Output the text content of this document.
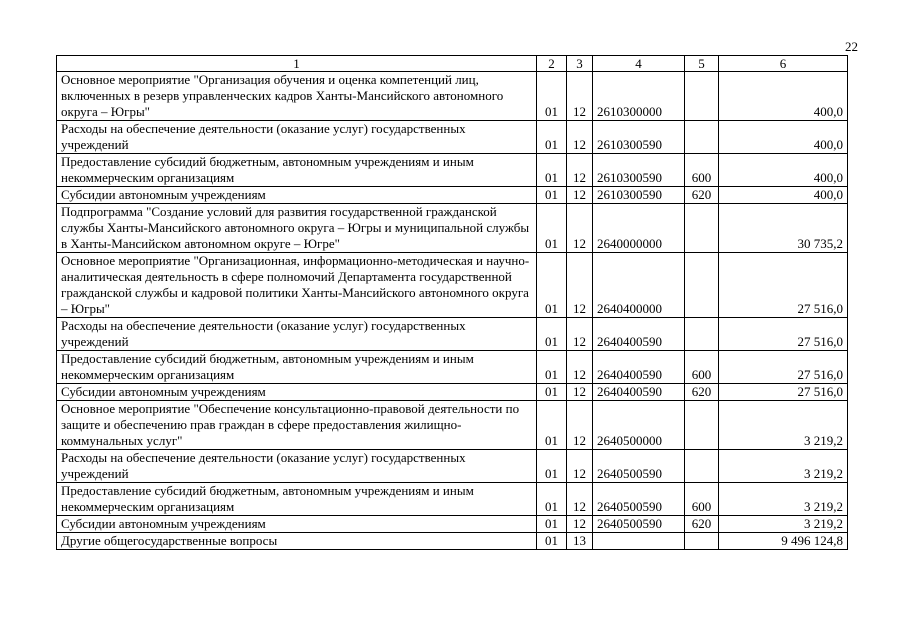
22
1	2	3	4	5	6
Основное мероприятие "Организация обучения и оценка компетенций лиц, включенных в резерв управленческих кадров Ханты-Мансийского автономного округа – Югры"	01	12	2610300000		400,0
Расходы на обеспечение деятельности (оказание услуг) государственных учреждений	01	12	2610300590		400,0
Предоставление субсидий бюджетным, автономным учреждениям и иным некоммерческим организациям	01	12	2610300590	600	400,0
Субсидии автономным учреждениям	01	12	2610300590	620	400,0
Подпрограмма "Создание условий для развития государственной гражданской службы Ханты-Мансийского автономного округа – Югры и муниципальной службы в Ханты-Мансийском автономном округе – Югре"	01	12	2640000000		30 735,2
Основное мероприятие "Организационная, информационно-методическая и научно-аналитическая деятельность в сфере полномочий Департамента государственной гражданской службы и кадровой политики Ханты-Мансийского автономного округа – Югры"	01	12	2640400000		27 516,0
Расходы на обеспечение деятельности (оказание услуг) государственных учреждений	01	12	2640400590		27 516,0
Предоставление субсидий бюджетным, автономным учреждениям и иным некоммерческим организациям	01	12	2640400590	600	27 516,0
Субсидии автономным учреждениям	01	12	2640400590	620	27 516,0
Основное мероприятие "Обеспечение консультационно-правовой деятельности по защите и обеспечению прав граждан в сфере предоставления жилищно-коммунальных услуг"	01	12	2640500000		3 219,2
Расходы на обеспечение деятельности (оказание услуг) государственных учреждений	01	12	2640500590		3 219,2
Предоставление субсидий бюджетным, автономным учреждениям и иным некоммерческим организациям	01	12	2640500590	600	3 219,2
Субсидии автономным учреждениям	01	12	2640500590	620	3 219,2
Другие общегосударственные вопросы	01	13			9 496 124,8
